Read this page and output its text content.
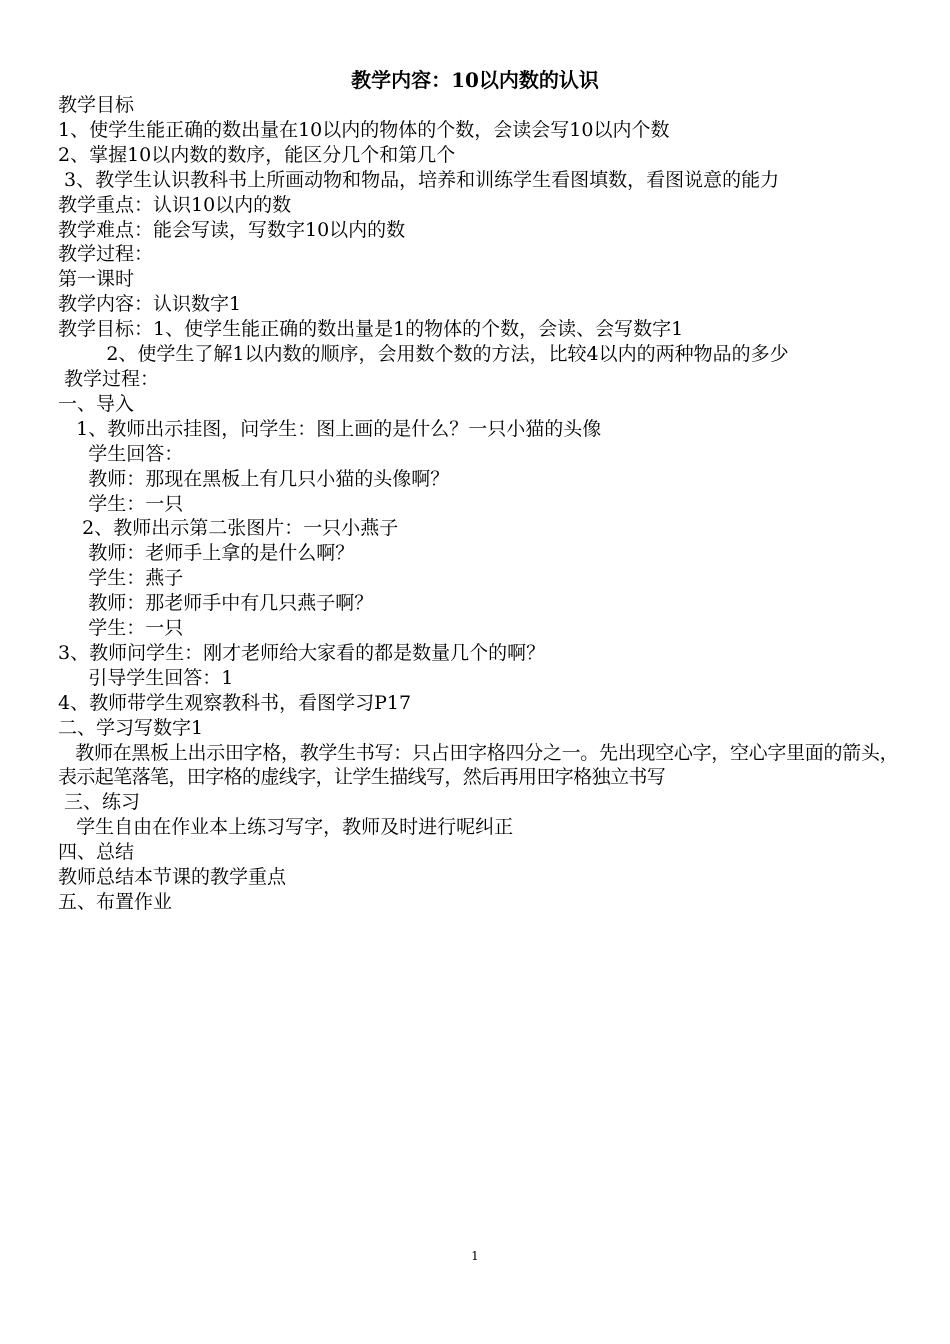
教学内容：10以内数的认识
教学目标
1、使学生能正确的数出量在10以内的物体的个数，会读会写10以内个数
2、掌握10以内数的数序，能区分几个和第几个
3、教学生认识教科书上所画动物和物品，培养和训练学生看图填数，看图说意的能力
教学重点：认识10以内的数
教学难点：能会写读，写数字10以内的数
教学过程：
第一课时
教学内容：认识数字1
教学目标：1、使学生能正确的数出量是1的物体的个数，会读、会写数字1
2、使学生了解1以内数的顺序，会用数个数的方法，比较4以内的两种物品的多少
教学过程：
一、导入
1、教师出示挂图，问学生：图上画的是什么？一只小猫的头像
学生回答：
教师：那现在黑板上有几只小猫的头像啊？
学生：一只
2、教师出示第二张图片：一只小燕子
教师：老师手上拿的是什么啊？
学生：燕子
教师：那老师手中有几只燕子啊？
学生：一只
3、教师问学生：刚才老师给大家看的都是数量几个的啊？
引导学生回答：1
4、教师带学生观察教科书，看图学习P17
二、学习写数字1
教师在黑板上出示田字格，教学生书写：只占田字格四分之一。先出现空心字，空心字里面的箭头，表示起笔落笔，田字格的虚线字，让学生描线写，然后再用田字格独立书写
三、练习
学生自由在作业本上练习写字，教师及时进行呢纠正
四、总结
教师总结本节课的教学重点
五、布置作业
1
